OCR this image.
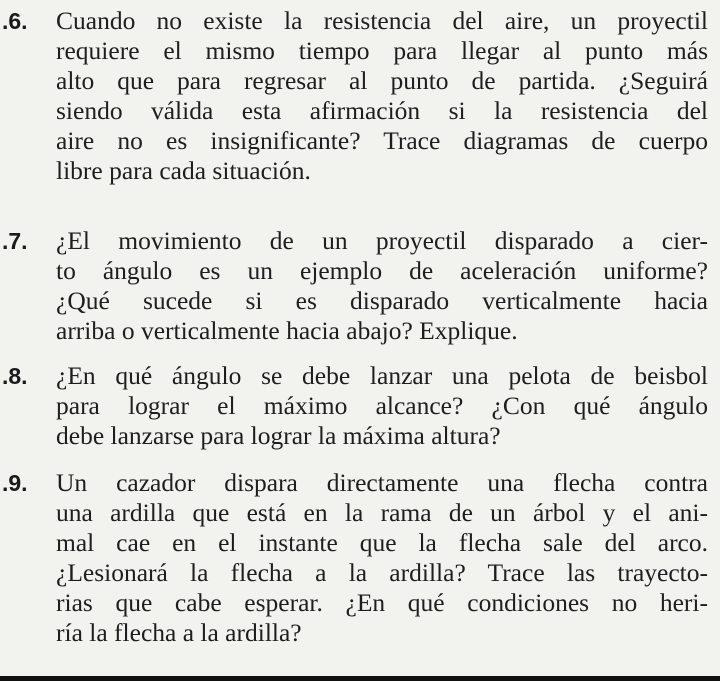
.6. Cuando no existe la resistencia del aire, un proyectil
requiere el mismo tiempo para llegar al punto más
alto que para regresar al punto de partida. ¿Seguirá
siendo válida esta afirmación si la resistencia del
aire no es insignificante? Trace diagramas de cuerpo
libre para cada situación.
.7. ¿El movimiento de un proyectil disparado a cier-
to ángulo es un ejemplo de aceleración uniforme?
¿Qué sucede si es disparado verticalmente hacia
arriba o verticalmente hacia abajo? Explique.
.8. ¿En qué ángulo se debe lanzar una pelota de beisbol
para lograr el máximo alcance? ¿Con qué ángulo
debe lanzarse para lograr la máxima altura?
.9. Un cazador dispara directamente una flecha contra
una ardilla que está en la rama de un árbol y el ani-
mal cae en el instante que la flecha sale del arco.
¿Lesionará la flecha a la ardilla? Trace las trayecto-
rias que cabe esperar. ¿En qué condiciones no heri-
ría la flecha a la ardilla?
